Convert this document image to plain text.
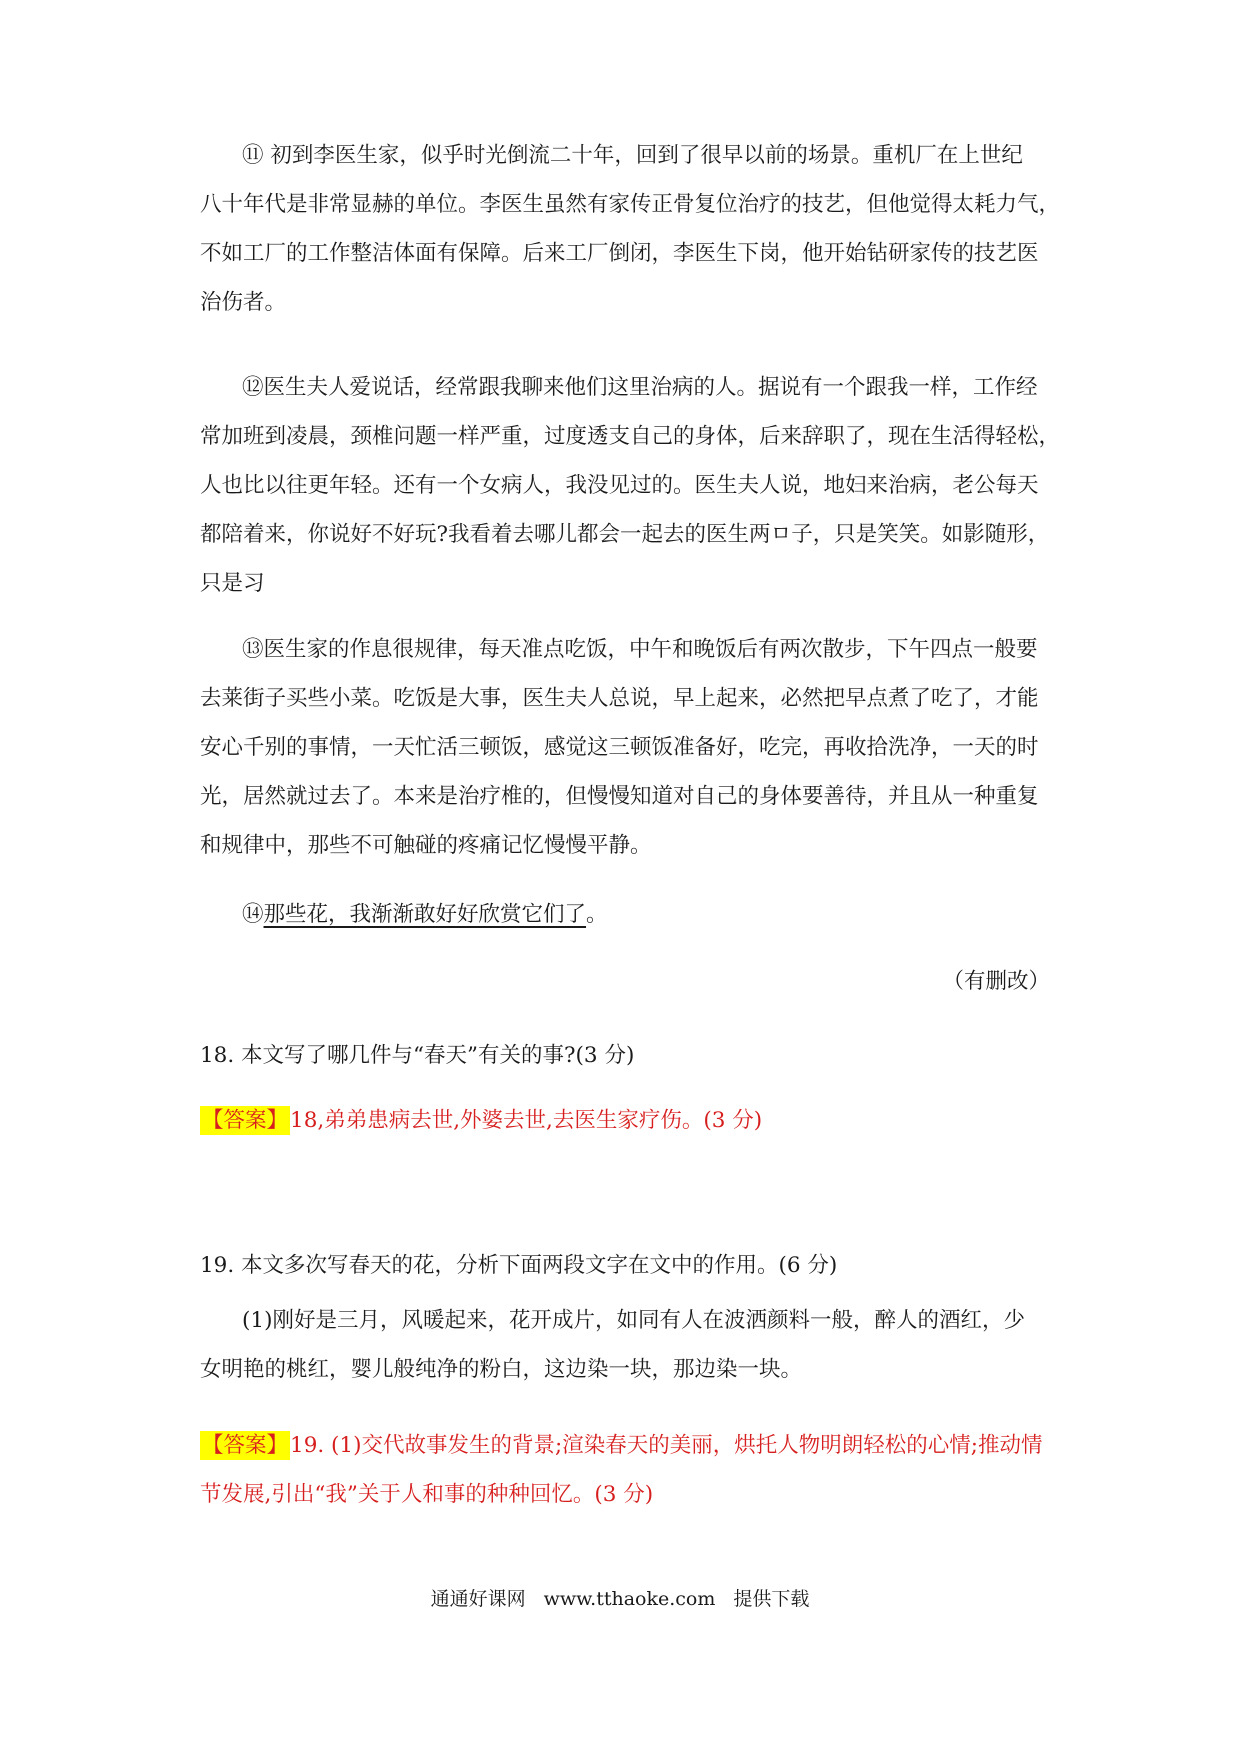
⑪ 初到李医生家，似乎时光倒流二十年，回到了很早以前的场景。重机厂在上世纪
八十年代是非常显赫的单位。李医生虽然有家传正骨复位治疗的技艺，但他觉得太耗力气，
不如工厂的工作整洁体面有保障。后来工厂倒闭，李医生下岗，他开始钻研家传的技艺医
治伤者。

⑫医生夫人爱说话，经常跟我聊来他们这里治病的人。据说有一个跟我一样，工作经
常加班到凌晨，颈椎问题一样严重，过度透支自己的身体，后来辞职了，现在生活得轻松，
人也比以往更年轻。还有一个女病人，我没见过的。医生夫人说，地妇来治病，老公每天
都陪着来，你说好不好玩?我看着去哪儿都会一起去的医生两ㅁ子，只是笑笑。如影随形，
只是习

⑬医生家的作息很规律，每天准点吃饭，中午和晚饭后有两次散步，下午四点一般要
去莱街子买些小菜。吃饭是大事，医生夫人总说，早上起来，必然把早点煮了吃了，才能
安心千别的事情，一天忙活三顿饭，感觉这三顿饭准备好，吃完，再收拾洗净，一天的时
光，居然就过去了。本来是治疗椎的，但慢慢知道对自己的身体要善待，并且从一种重复
和规律中，那些不可触碰的疼痛记忆慢慢平静。

⑭那些花，我渐渐敢好好欣赏它们了。

（有删改）

18. 本文写了哪几件与“春天”有关的事?(3 分)

【答案】18,弟弟患病去世,外婆去世,去医生家疗伤。(3 分)

19. 本文多次写春天的花，分析下面两段文字在文中的作用。(6 分)

(1)刚好是三月，风暖起来，花开成片，如同有人在波洒颜料一般，醉人的酒红，少
女明艳的桃红，婴儿般纯净的粉白，这边染一块，那边染一块。

【答案】19. (1)交代故事发生的背景;渲染春天的美丽，烘托人物明朗轻松的心情;推动情
节发展,引出“我”关于人和事的种种回忆。(3 分)

通通好课网 www.tthaoke.com 提供下载
